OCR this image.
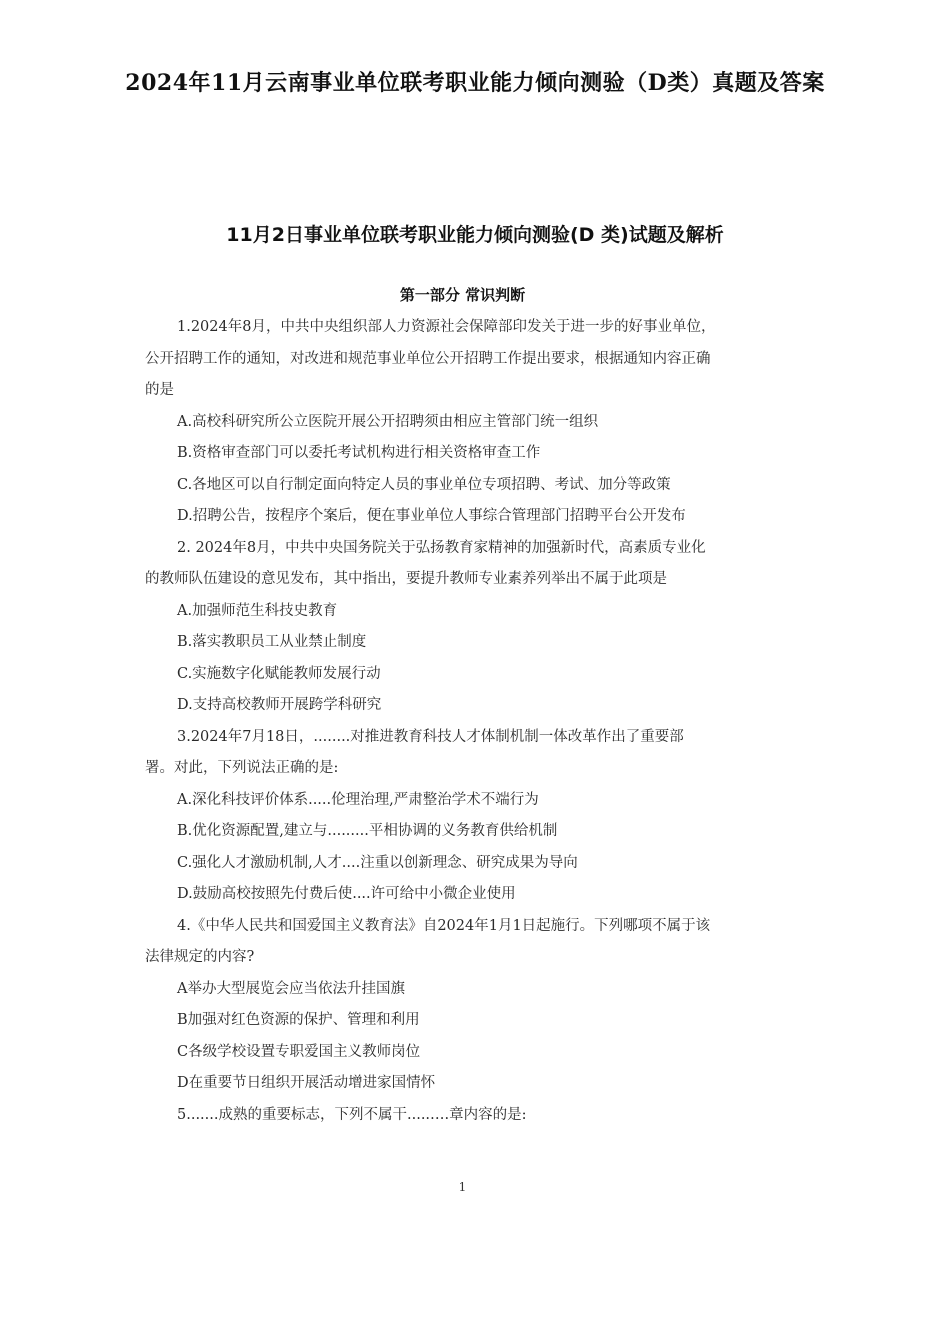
2024年11月云南事业单位联考职业能力倾向测验（D类）真题及答案
11月2日事业单位联考职业能力倾向测验(D 类)试题及解析
第一部分 常识判断
1.2024年8月，中共中央组织部人力资源社会保障部印发关于进一步的好事业单位，
公开招聘工作的通知，对改进和规范事业单位公开招聘工作提出要求，根据通知内容正确
的是
A.高校科研究所公立医院开展公开招聘须由相应主管部门统一组织
B.资格审查部门可以委托考试机构进行相关资格审查工作
C.各地区可以自行制定面向特定人员的事业单位专项招聘、考试、加分等政策
D.招聘公告，按程序个案后，便在事业单位人事综合管理部门招聘平台公开发布
2. 2024年8月，中共中央国务院关于弘扬教育家精神的加强新时代，高素质专业化
的教师队伍建设的意见发布，其中指出，要提升教师专业素养列举出不属于此项是
A.加强师范生科技史教育
B.落实教职员工从业禁止制度
C.实施数字化赋能教师发展行动
D.支持高校教师开展跨学科研究
3.2024年7月18日，........对推进教育科技人才体制机制一体改革作出了重要部
署。对此，下列说法正确的是:
A.深化科技评价体系.....伦理治理,严肃整治学术不端行为
B.优化资源配置,建立与.........平相协调的义务教育供给机制
C.强化人才激励机制,人才....注重以创新理念、研究成果为导向
D.鼓励高校按照先付费后使....许可给中小微企业使用
4.《中华人民共和国爱国主义教育法》自2024年1月1日起施行。下列哪项不属于该
法律规定的内容?
A举办大型展览会应当依法升挂国旗
B加强对红色资源的保护、管理和利用
C各级学校设置专职爱国主义教师岗位
D在重要节日组织开展活动增进家国情怀
5.......成熟的重要标志，下列不属干.....….章内容的是:
1
